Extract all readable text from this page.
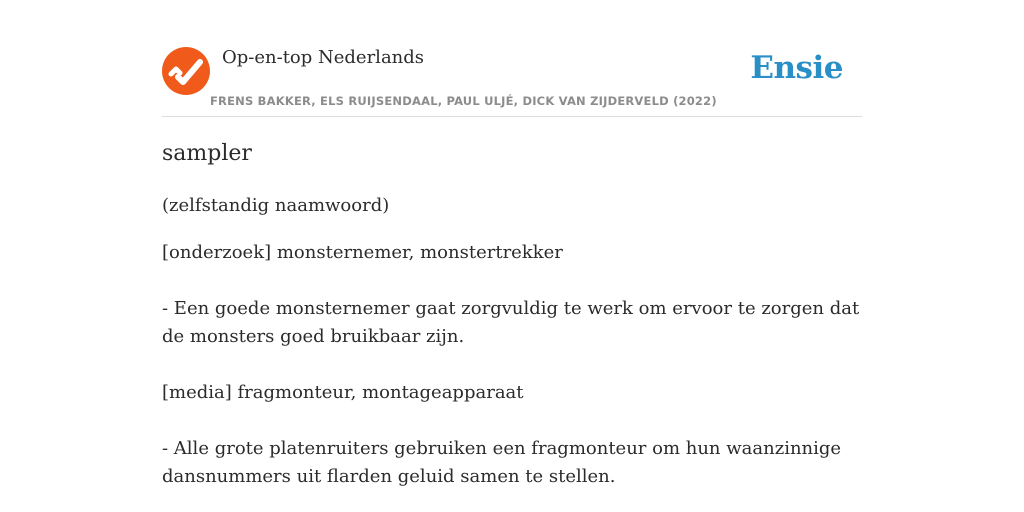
Op-en-top Nederlands
FRENS BAKKER, ELS RUIJSENDAAL, PAUL ULJÉ, DICK VAN ZIJDERVELD (2022)
Ensie
sampler
(zelfstandig naamwoord)
[onderzoek] monsternemer, monstertrekker
- Een goede monsternemer gaat zorgvuldig te werk om ervoor te zorgen dat de monsters goed bruikbaar zijn.
[media] fragmonteur, montageapparaat
- Alle grote platenruiters gebruiken een fragmonteur om hun waanzinnige dansnummers uit flarden geluid samen te stellen.
